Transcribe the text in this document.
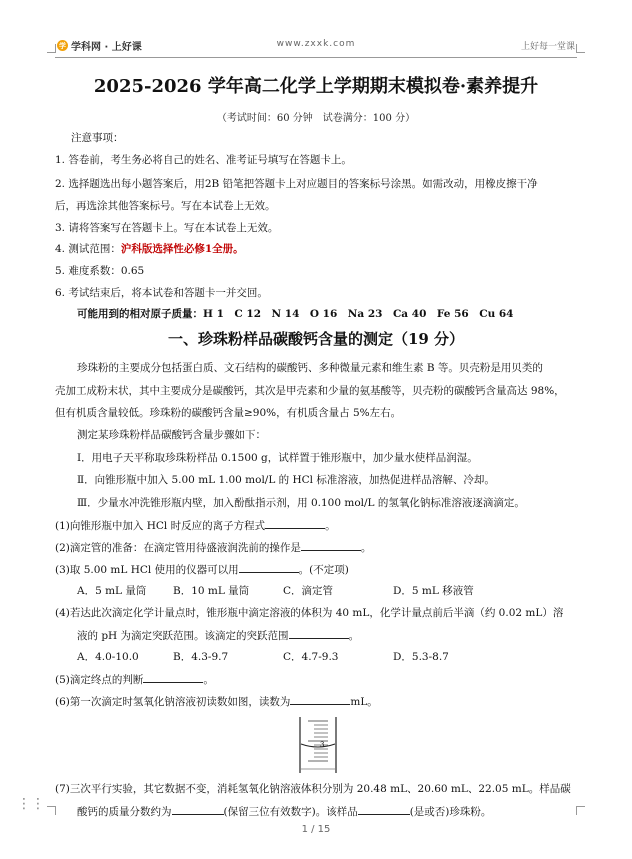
学 学科网 · 上好课	www.zxxk.com	上好每一堂课
2025-2026 学年高二化学上学期期末模拟卷·素养提升
（考试时间：60 分钟　试卷满分：100 分）
注意事项：
1. 答卷前，考生务必将自己的姓名、准考证号填写在答题卡上。
2. 选择题选出每小题答案后，用2B 铅笔把答题卡上对应题目的答案标号涂黑。如需改动，用橡皮擦干净
后，再选涂其他答案标号。写在本试卷上无效。
3. 请将答案写在答题卡上。写在本试卷上无效。
4. 测试范围：沪科版选择性必修1全册。
5. 难度系数：0.65
6. 考试结束后，将本试卷和答题卡一并交回。
可能用到的相对原子质量：H 1　C 12　N 14　O 16　Na 23　Ca 40　Fe 56　Cu 64
一、珍珠粉样品碳酸钙含量的测定（19 分）
珍珠粉的主要成分包括蛋白质、文石结构的碳酸钙、多种微量元素和维生素 B 等。贝壳粉是用贝类的
壳加工成粉末状，其中主要成分是碳酸钙，其次是甲壳素和少量的氨基酸等，贝壳粉的碳酸钙含量高达 98%，
但有机质含量较低。珍珠粉的碳酸钙含量≥90%，有机质含量占 5%左右。
测定某珍珠粉样品碳酸钙含量步骤如下：
Ⅰ．用电子天平称取珍珠粉样品 0.1500 g，试样置于锥形瓶中，加少量水使样品润湿。
Ⅱ．向锥形瓶中加入 5.00 mL 1.00 mol/L 的 HCl 标准溶液，加热促进样品溶解、冷却。
Ⅲ．少量水冲洗锥形瓶内壁，加入酚酞指示剂，用 0.100 mol/L 的氢氧化钠标准溶液逐滴滴定。
(1)向锥形瓶中加入 HCl 时反应的离子方程式	。
(2)滴定管的准备：在滴定管用待盛液润洗前的操作是	。
(3)取 5.00 mL HCl 使用的仪器可以用	。(不定项)
A．5 mL 量筒	B．10 mL 量筒	C．滴定管	D．5 mL 移液管
(4)若达此次滴定化学计量点时，锥形瓶中滴定溶液的体积为 40 mL，化学计量点前后半滴（约 0.02 mL）溶
液的 pH 为滴定突跃范围。该滴定的突跃范围	。
A．4.0-10.0	B．4.3-9.7	C．4.7-9.3	D．5.3-8.7
(5)滴定终点的判断	。
(6)第一次滴定时氢氧化钠溶液初读数如图，读数为	mL。
3
(7)三次平行实验，其它数据不变，消耗氢氧化钠溶液体积分别为 20.48 mL、20.60 mL、22.05 mL。样品碳
酸钙的质量分数约为	(保留三位有效数字)。该样品	(是或否)珍珠粉。
⋮⋮
1 / 15
